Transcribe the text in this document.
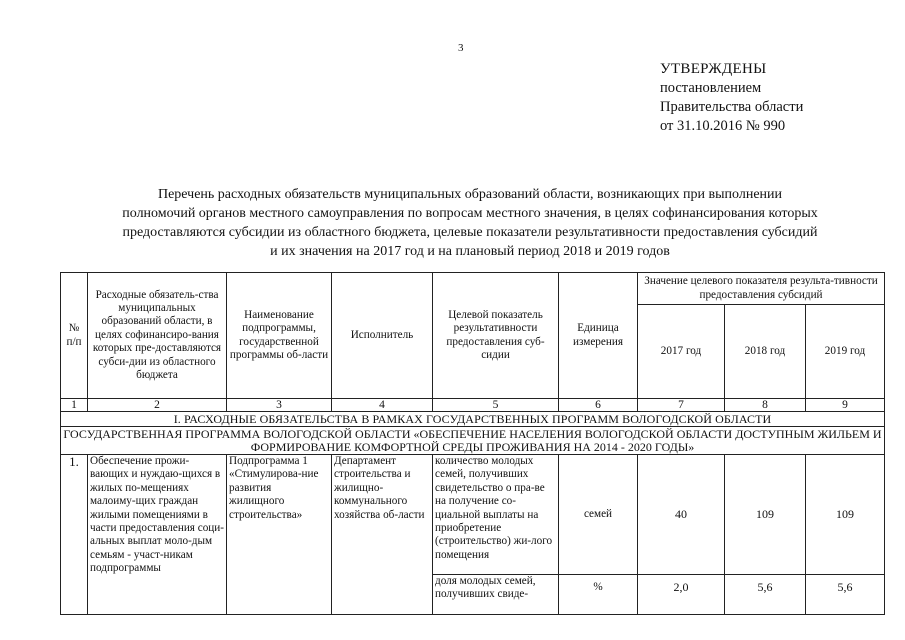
3
УТВЕРЖДЕНЫ
постановлением
Правительства области
от 31.10.2016 № 990
Перечень расходных обязательств муниципальных образований области, возникающих при выполнении
полномочий органов местного самоуправления по вопросам местного значения, в целях софинансирования которых
предоставляются субсидии из областного бюджета, целевые показатели результативности предоставления субсидий
и их значения на 2017 год и на плановый период 2018 и 2019 годов
№ п/п	Расходные обязатель-ства муниципальных образований области, в целях софинансиро-вания которых пре-доставляются субси-дии из областного бюджета	Наименование подпрограммы, государственной программы об-ласти	Исполнитель	Целевой показатель результативности предоставления суб-сидии	Единица измерения	Значение целевого показателя результа-тивности предоставления субсидий		
						2017 год	2018 год	2019 год
1	2	3	4	5	6	7	8	9
I. РАСХОДНЫЕ ОБЯЗАТЕЛЬСТВА В РАМКАХ ГОСУДАРСТВЕННЫХ ПРОГРАММ ВОЛОГОДСКОЙ ОБЛАСТИ								
ГОСУДАРСТВЕННАЯ ПРОГРАММА ВОЛОГОДСКОЙ ОБЛАСТИ «ОБЕСПЕЧЕНИЕ НАСЕЛЕНИЯ ВОЛОГОДСКОЙ ОБЛАСТИ ДОСТУПНЫМ ЖИЛЬЕМ И ФОРМИРОВАНИЕ КОМФОРТНОЙ СРЕДЫ ПРОЖИВАНИЯ НА 2014 - 2020 ГОДЫ»								
1.	Обеспечение прожи-вающих и нуждаю-щихся в жилых по-мещениях малоиму-щих граждан жилыми помещениями в части предоставления соци-альных выплат моло-дым семьям - участ-никам подпрограммы	Подпрограмма 1 «Стимулирова-ние развития жилищного строительства»	Департамент строительства и жилищно-коммунального хозяйства об-ласти	количество молодых семей, получивших свидетельство о пра-ве на получение со-циальной выплаты на приобретение (строительство) жи-лого помещения	семей	40	109	109
				доля молодых семей, получивших свиде-	%	2,0	5,6	5,6
